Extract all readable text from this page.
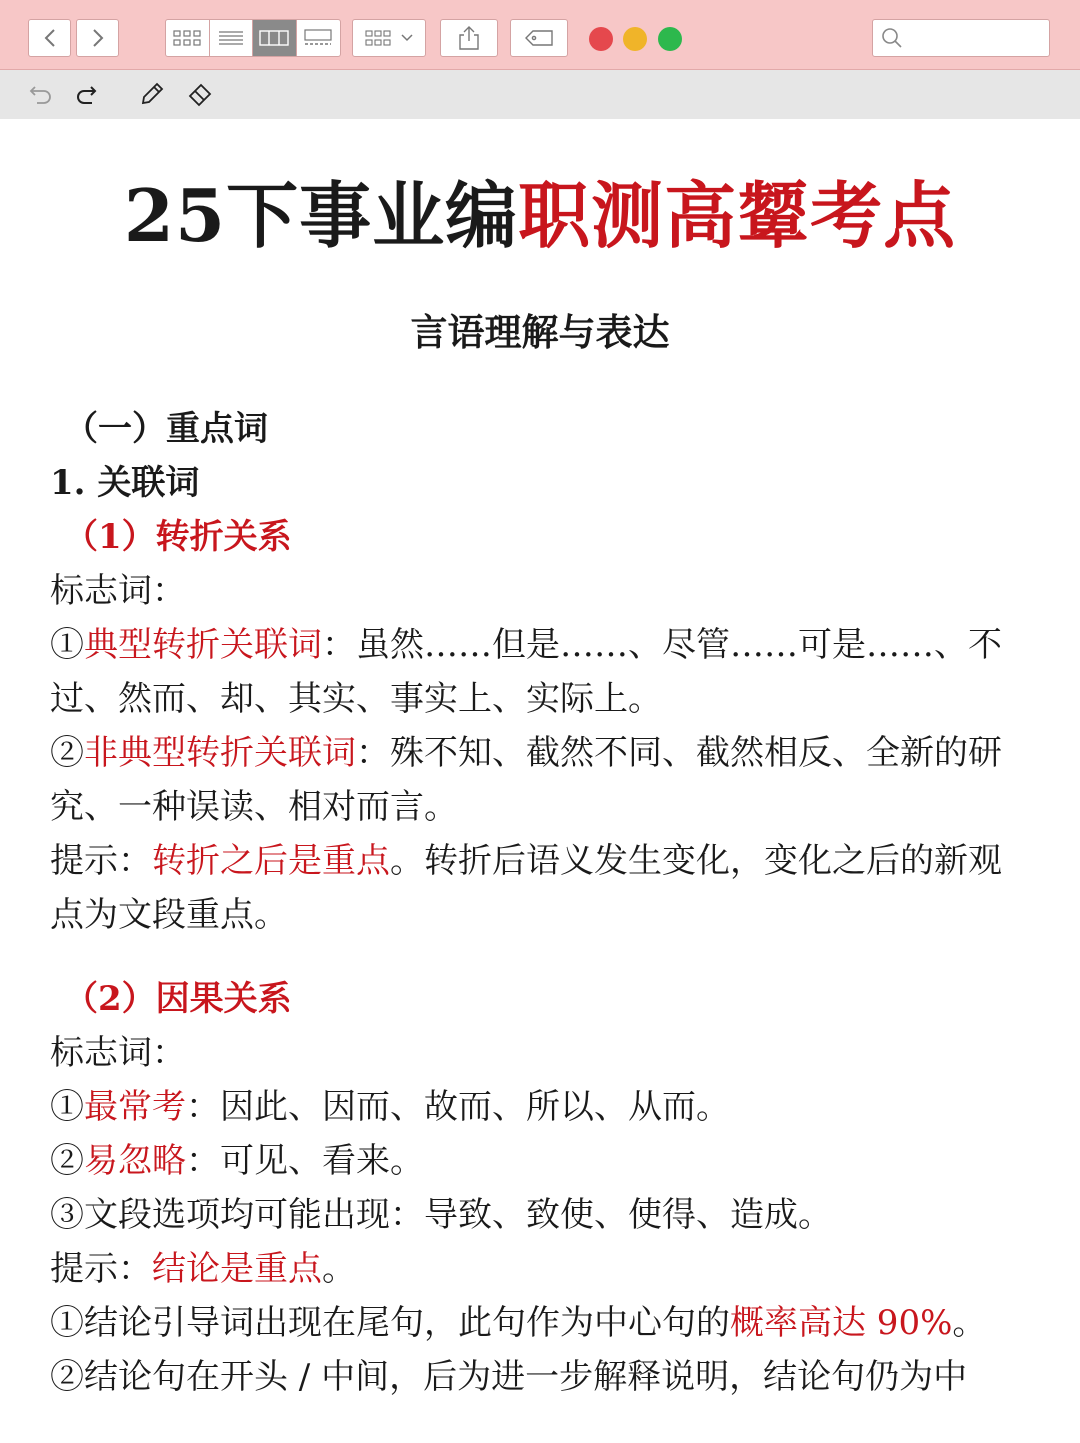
25下事业编职测高颦考点
言语理解与表达
（一）重点词
1. 关联词
（1）转折关系
标志词：
①典型转折关联词：虽然……但是……、尽管……可是……、不
过、然而、却、其实、事实上、实际上。
②非典型转折关联词：殊不知、截然不同、截然相反、全新的研
究、一种误读、相对而言。
提示：转折之后是重点。转折后语义发生变化，变化之后的新观
点为文段重点。
（2）因果关系
标志词：
①最常考：因此、因而、故而、所以、从而。
②易忽略：可见、看来。
③文段选项均可能出现：导致、致使、使得、造成。
提示：结论是重点。
①结论引导词出现在尾句，此句作为中心句的概率高达 90%。
②结论句在开头 / 中间，后为进一步解释说明，结论句仍为中
